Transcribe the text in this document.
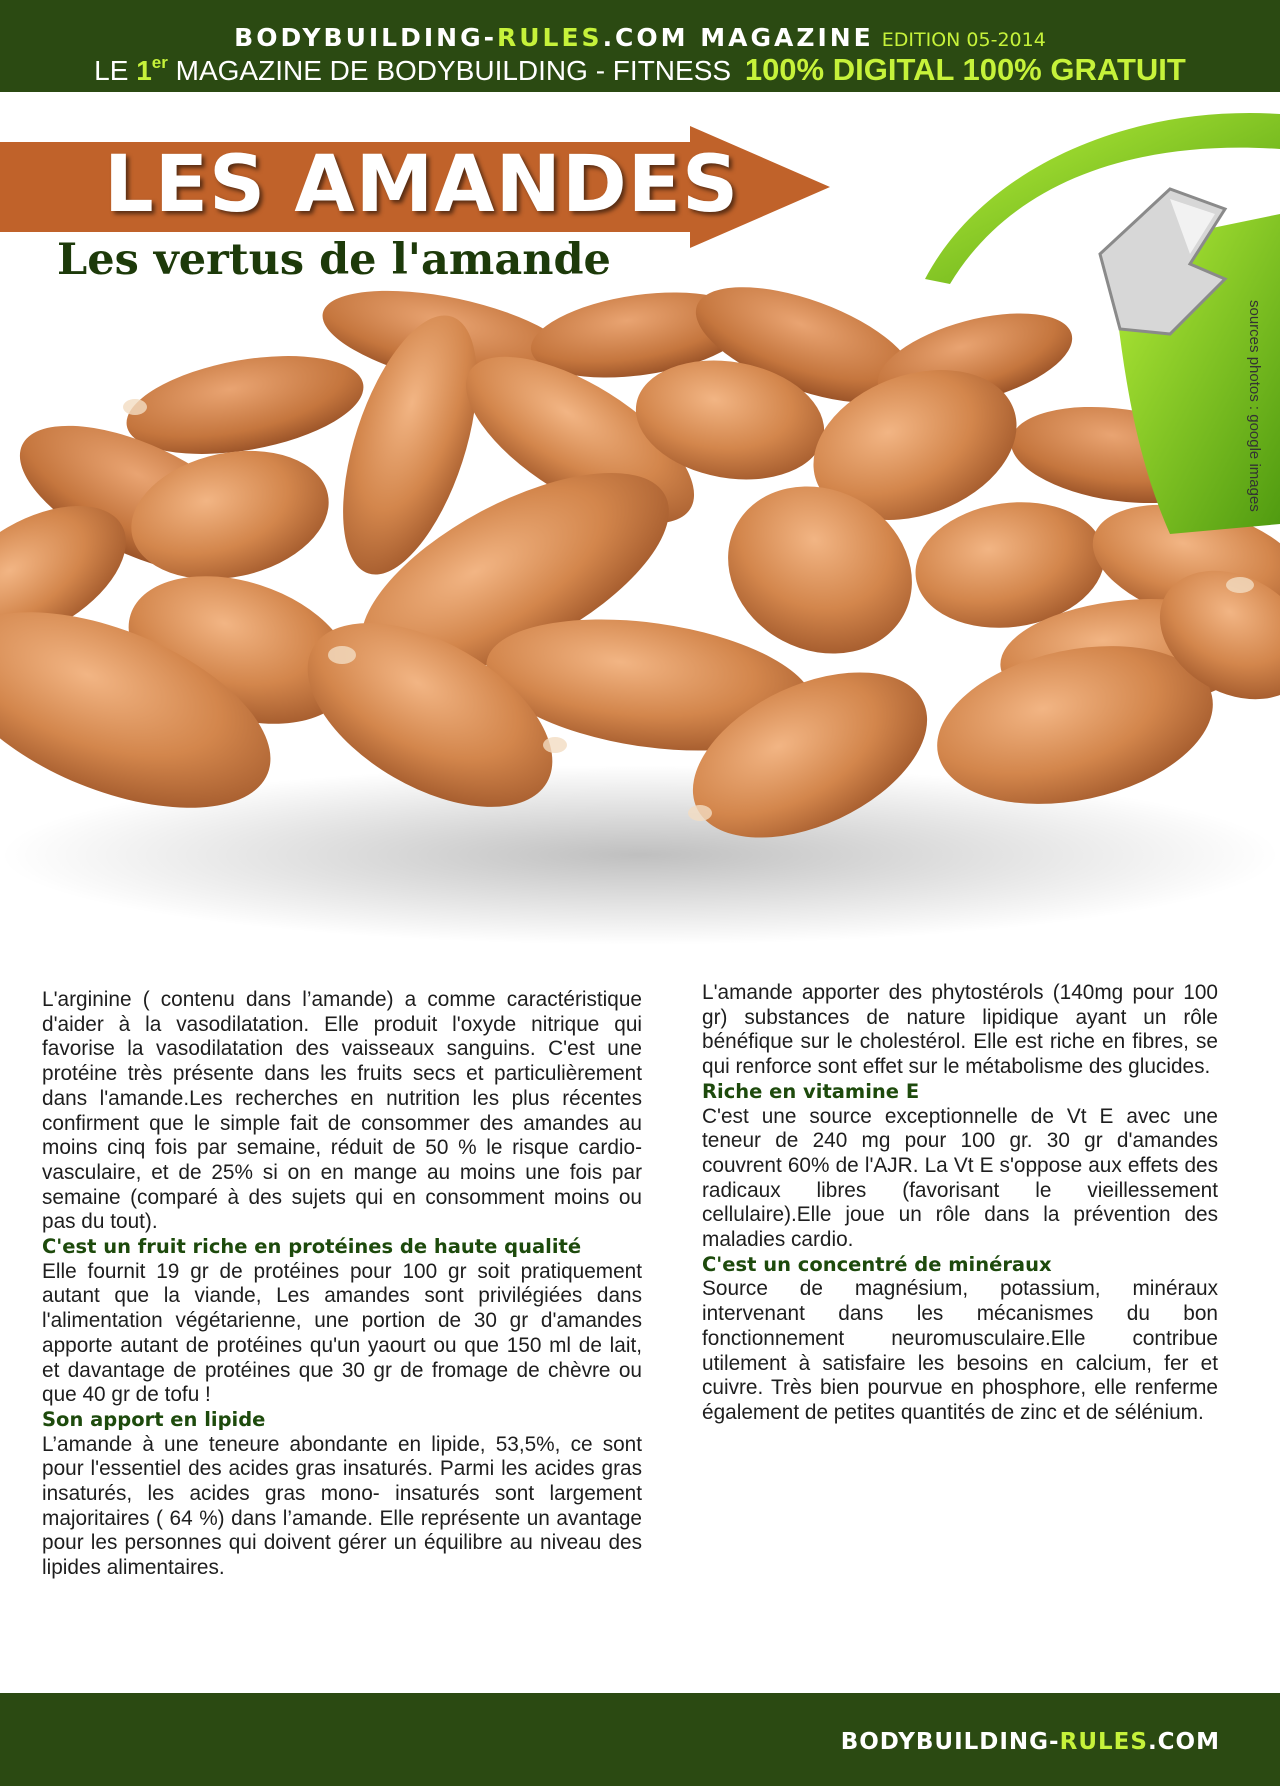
BODYBUILDING-RULES.COM MAGAZINE EDITION 05-2014
LE 1er MAGAZINE DE BODYBUILDING - FITNESS 100% DIGITAL 100% GRATUIT
LES AMANDES
Les vertus de l'amande
sources photos : google images

L'arginine ( contenu dans l’amande) a comme caractéristique d'aider à la vasodilatation. Elle produit l'oxyde nitrique qui favorise la vasodilatation des vaisseaux sanguins. C'est une protéine très présente dans les fruits secs et particulièrement dans l'amande.Les recherches en nutrition les plus récentes confirment que le simple fait de consommer des amandes au moins cinq fois par semaine, réduit de 50 % le risque cardio-vasculaire, et de 25% si on en mange au moins une fois par semaine (comparé à des sujets qui en consomment moins ou pas du tout).

C'est un fruit riche en protéines de haute qualité

Elle fournit 19 gr de protéines pour 100 gr soit pratiquement autant que la viande, Les amandes sont privilégiées dans l'alimentation végétarienne, une portion de 30 gr d'amandes apporte autant de protéines qu'un yaourt ou que 150 ml de lait, et davantage de protéines que 30 gr de fromage de chèvre ou que 40 gr de tofu !

Son apport en lipide

L’amande à une teneure abondante en lipide, 53,5%, ce sont pour l'essentiel des acides gras insaturés. Parmi les acides gras insaturés, les acides gras mono- insaturés sont largement majoritaires ( 64 %) dans l’amande. Elle représente un avantage pour les personnes qui doivent gérer un équilibre au niveau des lipides alimentaires.

L'amande apporter des phytostérols (140mg pour 100 gr) substances de nature lipidique ayant un rôle bénéfique sur le cholestérol. Elle est riche en fibres, se qui renforce sont effet sur le métabolisme des glucides.

Riche en vitamine E

C'est une source exceptionnelle de Vt E avec une teneur de 240 mg pour 100 gr. 30 gr d'amandes couvrent 60% de l'AJR. La Vt E s'oppose aux effets des radicaux libres (favorisant le vieillessement cellulaire).Elle joue un rôle dans la prévention des maladies cardio.

C'est un concentré de minéraux

Source de magnésium, potassium, minéraux intervenant dans les mécanismes du bon fonctionnement neuromusculaire.Elle contribue utilement à satisfaire les besoins en calcium, fer et cuivre. Très bien pourvue en phosphore, elle renferme également de petites quantités de zinc et de sélénium.

BODYBUILDING-RULES.COM
